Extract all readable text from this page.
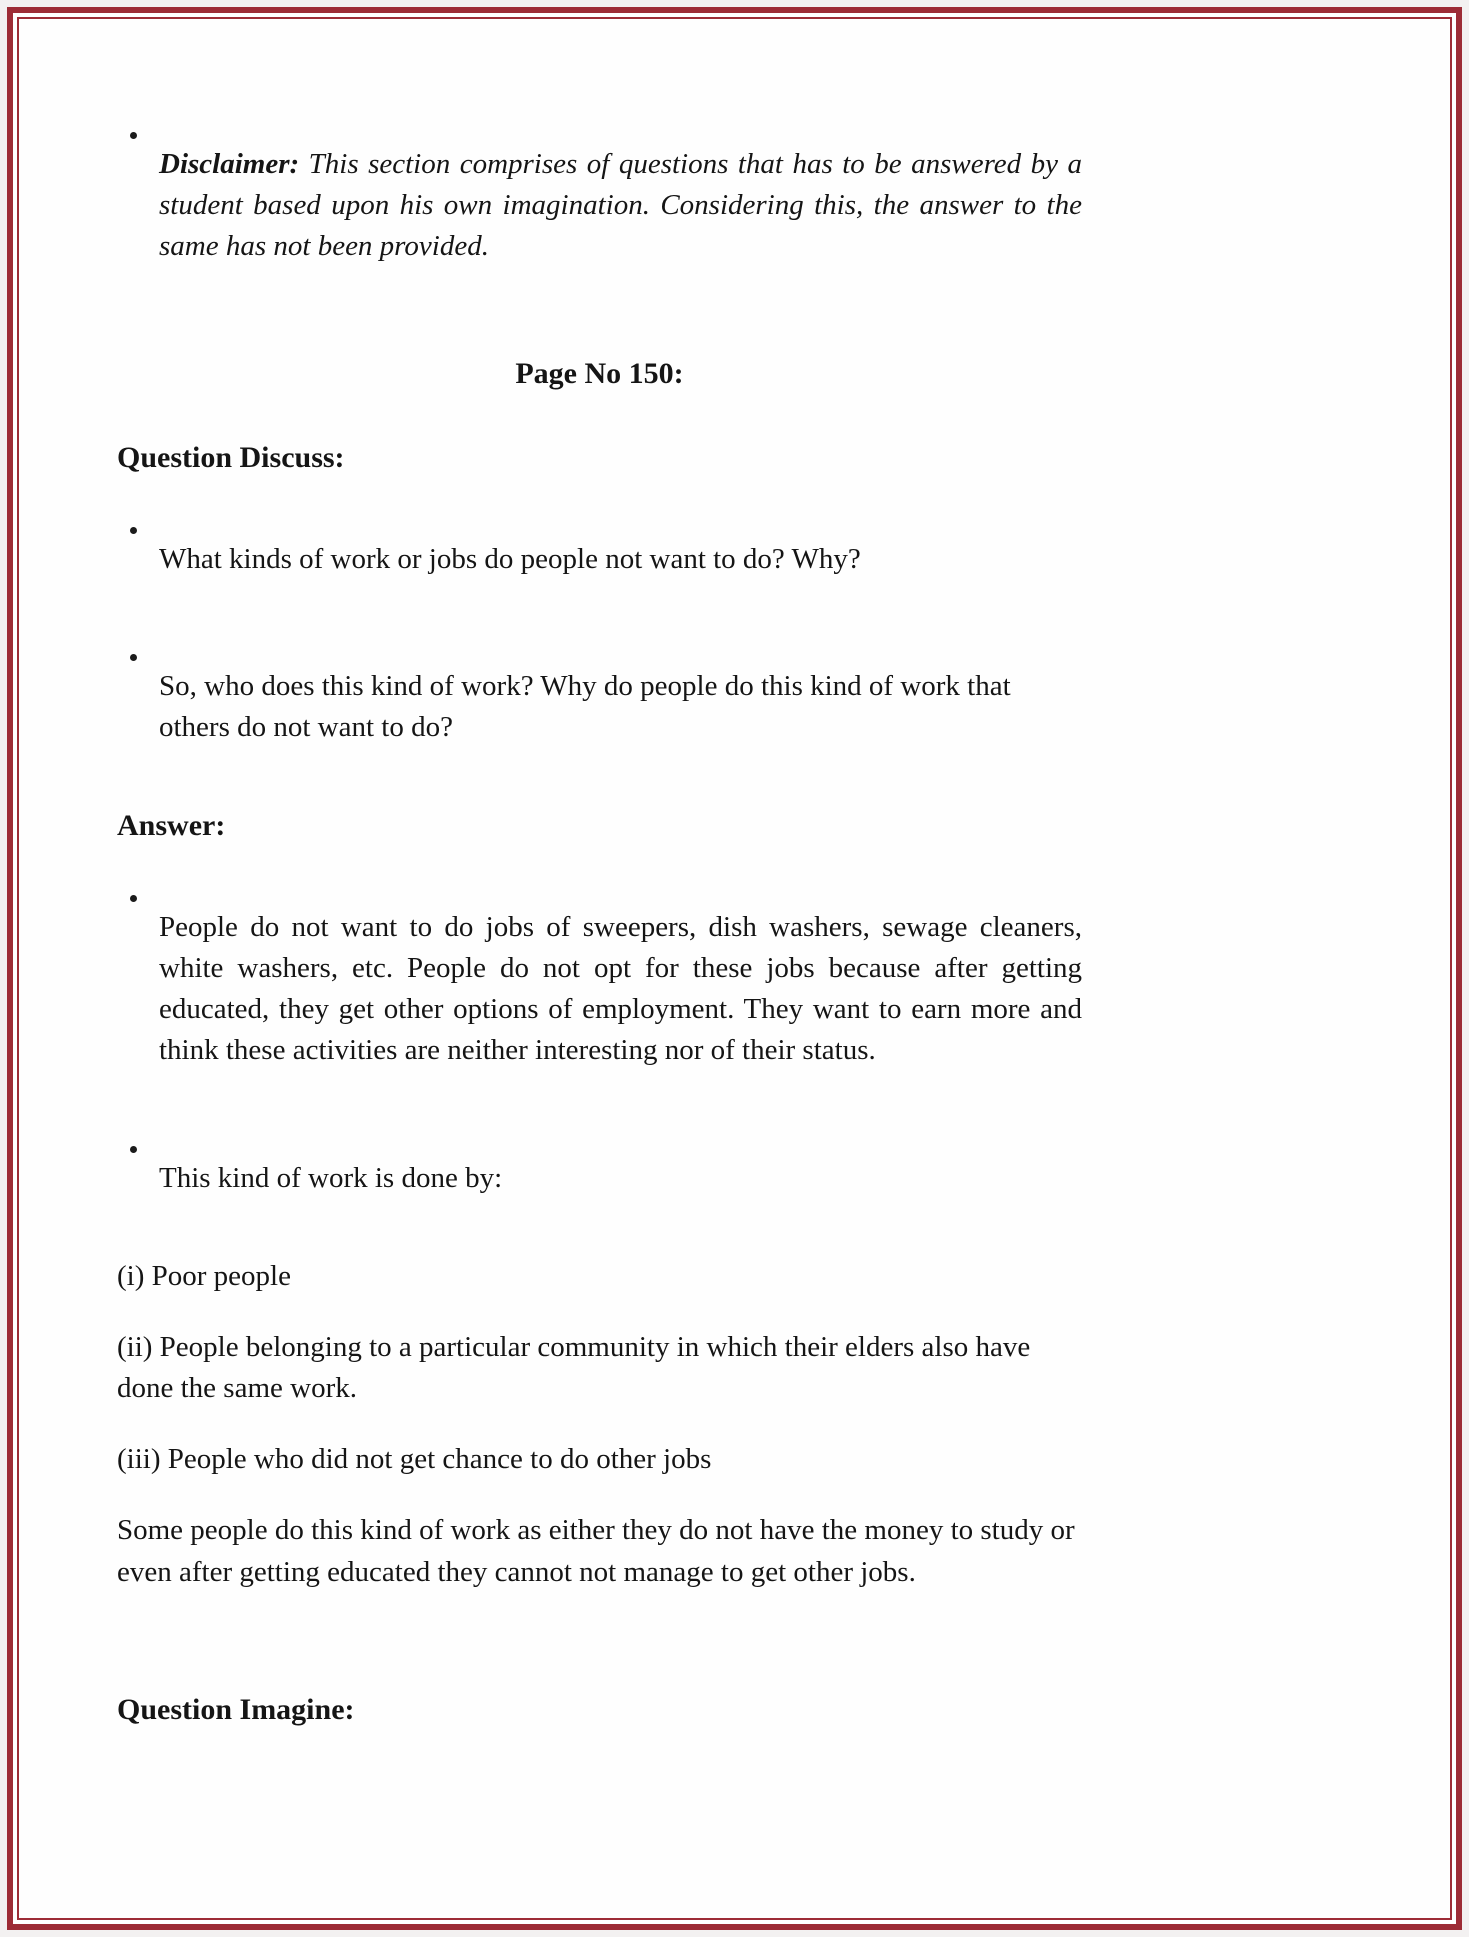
Disclaimer: This section comprises of questions that has to be answered by a student based upon his own imagination. Considering this, the answer to the same has not been provided.

Page No 150:

Question Discuss:

What kinds of work or jobs do people not want to do? Why?

So, who does this kind of work? Why do people do this kind of work that others do not want to do?

Answer:

People do not want to do jobs of sweepers, dish washers, sewage cleaners, white washers, etc. People do not opt for these jobs because after getting educated, they get other options of employment. They want to earn more and think these activities are neither interesting nor of their status.

This kind of work is done by:

(i) Poor people

(ii) People belonging to a particular community in which their elders also have done the same work.

(iii) People who did not get chance to do other jobs

Some people do this kind of work as either they do not have the money to study or even after getting educated they cannot not manage to get other jobs.

Question Imagine:
